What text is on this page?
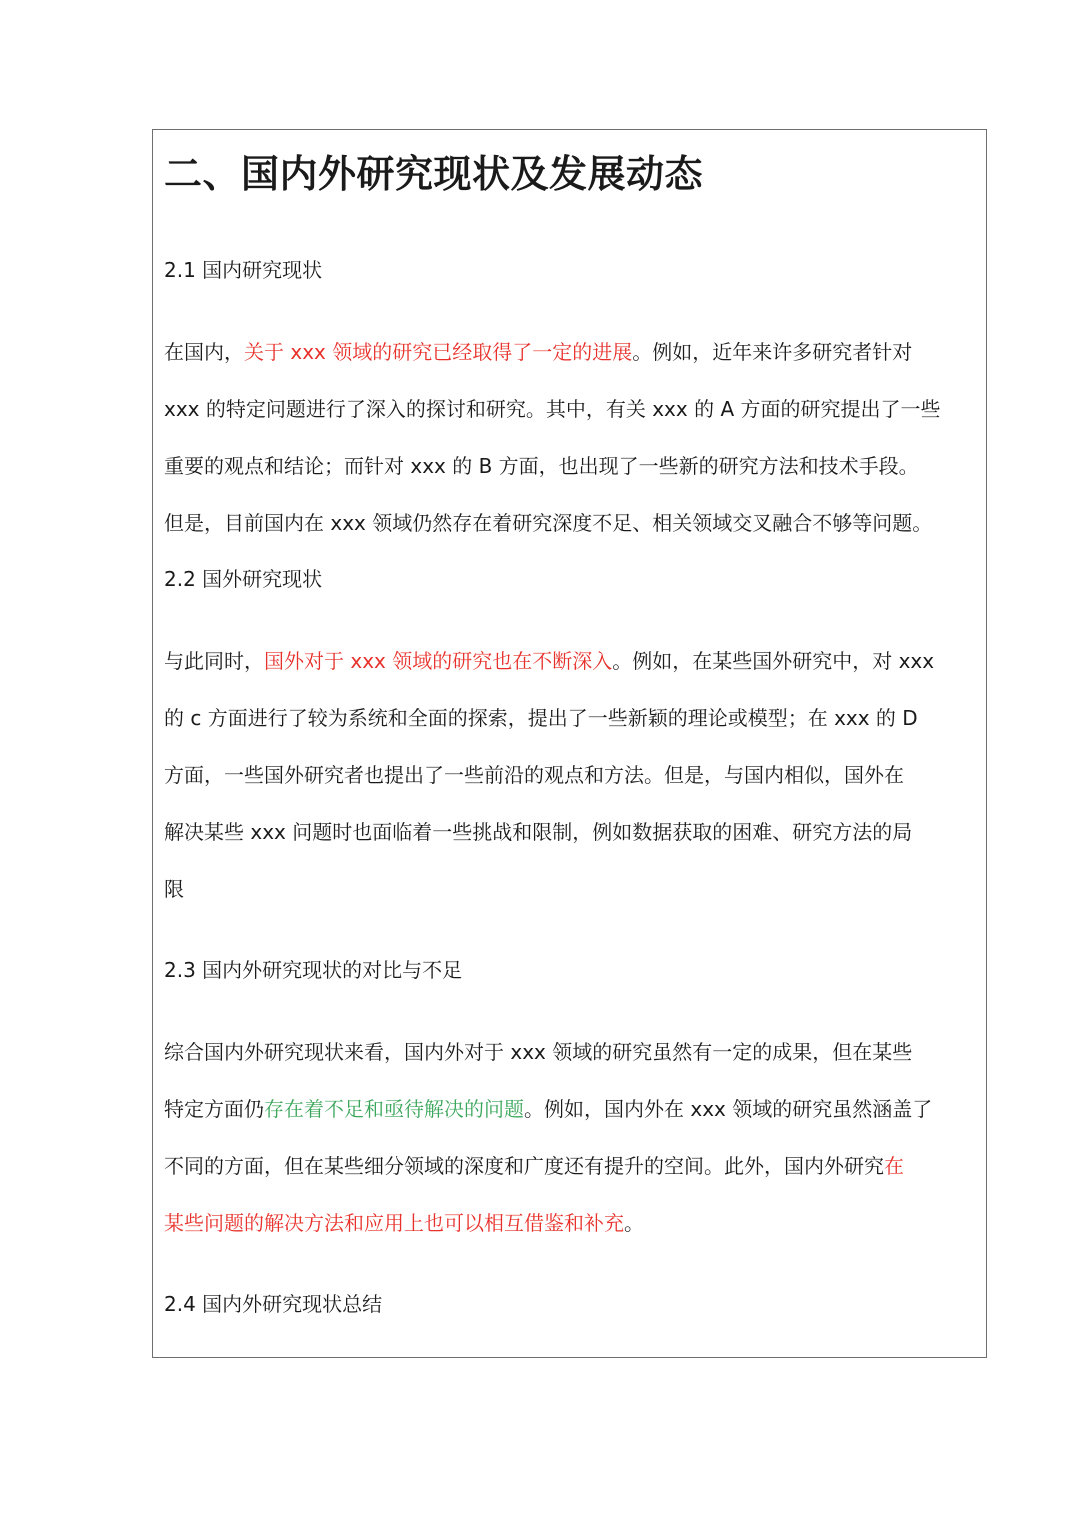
二、国内外研究现状及发展动态
2.1 国内研究现状

在国内，关于 xxx 领域的研究已经取得了一定的进展。例如，近年来许多研究者针对

xxx 的特定问题进行了深入的探讨和研究。其中，有关 xxx 的 A 方面的研究提出了一些

重要的观点和结论；而针对 xxx 的 B 方面，也出现了一些新的研究方法和技术手段。

但是，目前国内在 xxx 领域仍然存在着研究深度不足、相关领域交叉融合不够等问题。

2.2 国外研究现状

与此同时，国外对于 xxx 领域的研究也在不断深入。例如，在某些国外研究中，对 xxx

的 c 方面进行了较为系统和全面的探索，提出了一些新颖的理论或模型；在 xxx 的 D

方面，一些国外研究者也提出了一些前沿的观点和方法。但是，与国内相似，国外在

解决某些 xxx 问题时也面临着一些挑战和限制，例如数据获取的困难、研究方法的局

限

2.3 国内外研究现状的对比与不足

综合国内外研究现状来看，国内外对于 xxx 领域的研究虽然有一定的成果，但在某些

特定方面仍存在着不足和亟待解决的问题。例如，国内外在 xxx 领域的研究虽然涵盖了

不同的方面，但在某些细分领域的深度和广度还有提升的空间。此外，国内外研究在

某些问题的解决方法和应用上也可以相互借鉴和补充。

2.4 国内外研究现状总结
